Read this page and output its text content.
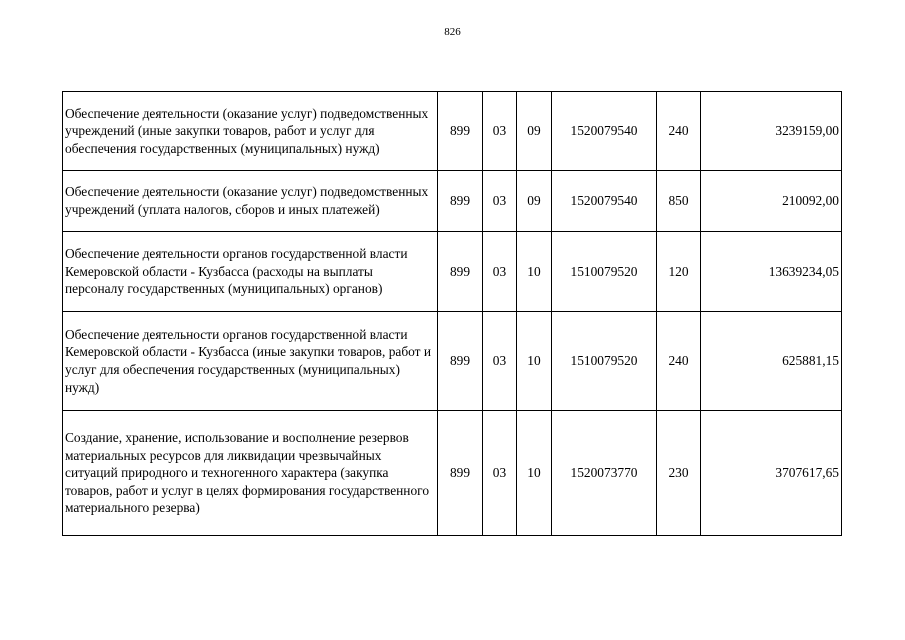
826
Обеспечение деятельности (оказание услуг) подведомственных учреждений (иные закупки товаров, работ и услуг для обеспечения государственных (муниципальных) нужд)	899	03	09	1520079540	240	3239159,00
Обеспечение деятельности (оказание услуг) подведомственных учреждений (уплата налогов, сборов и иных платежей)	899	03	09	1520079540	850	210092,00
Обеспечение деятельности органов государственной власти Кемеровской области - Кузбасса (расходы на выплаты персоналу государственных (муниципальных) органов)	899	03	10	1510079520	120	13639234,05
Обеспечение деятельности органов государственной власти Кемеровской области - Кузбасса (иные закупки товаров, работ и услуг для обеспечения государственных (муниципальных) нужд)	899	03	10	1510079520	240	625881,15
Создание, хранение, использование и восполнение резервов материальных ресурсов для ликвидации чрезвычайных ситуаций природного и техногенного характера (закупка товаров, работ и услуг в целях формирования государственного материального резерва)	899	03	10	1520073770	230	3707617,65
